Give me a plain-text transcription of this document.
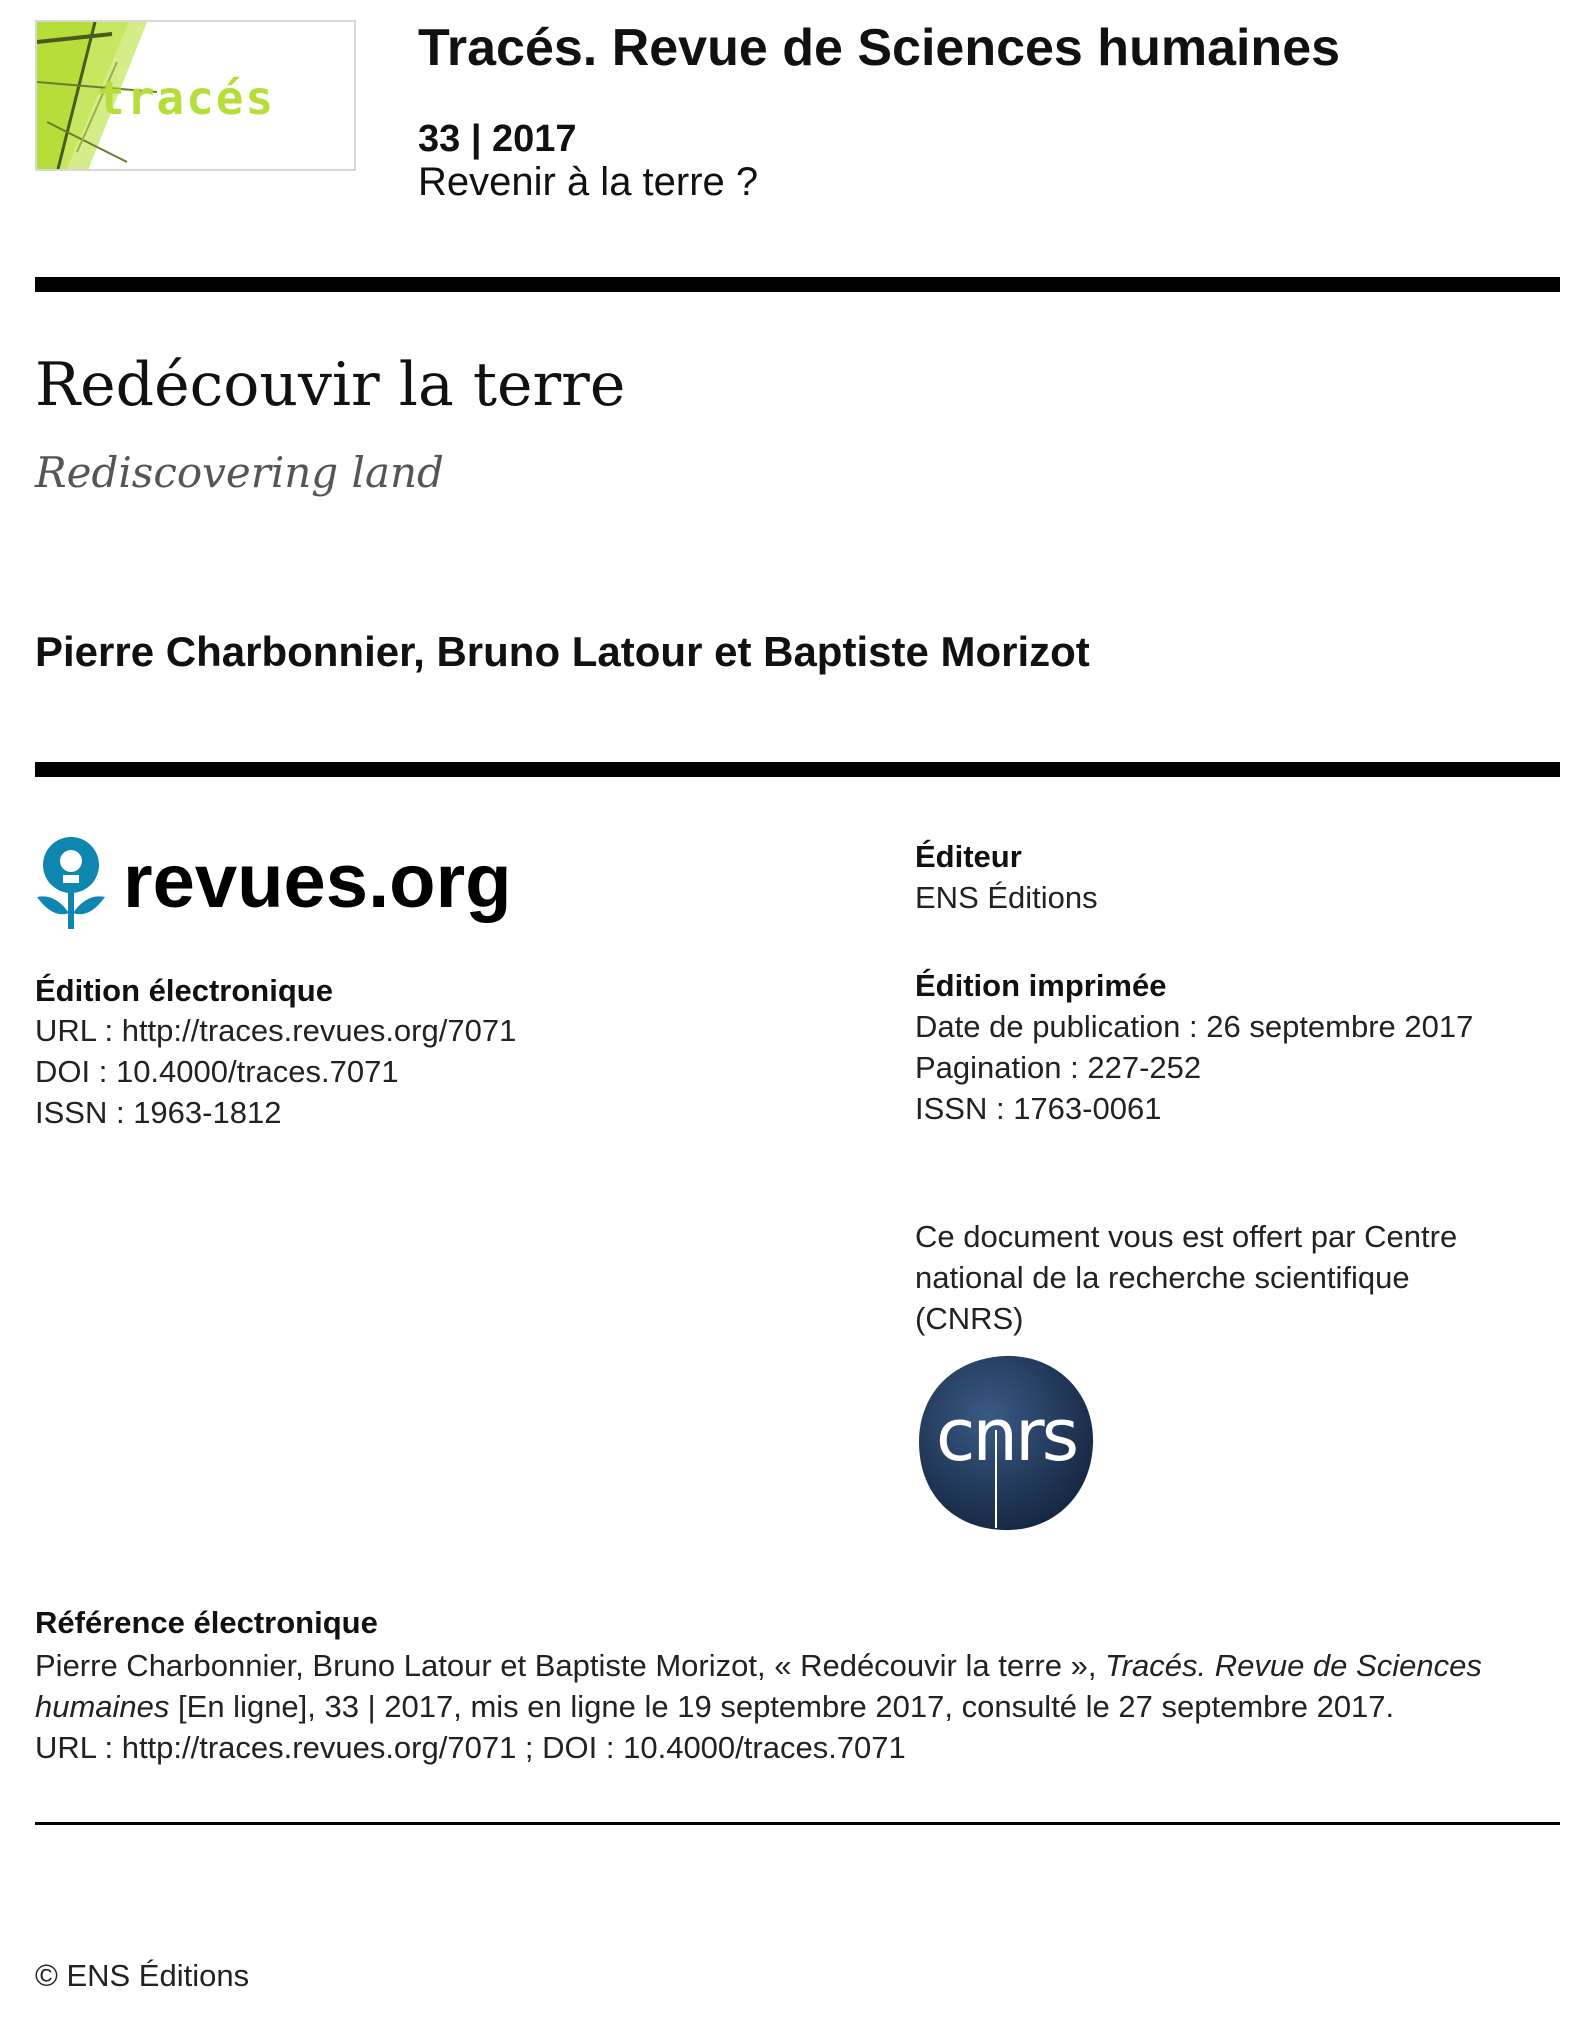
tracés
Tracés. Revue de Sciences humaines
33 | 2017
Revenir à la terre ?
Redécouvir la terre
Rediscovering land
Pierre Charbonnier, Bruno Latour et Baptiste Morizot
revues.org
Édition électronique
URL : http://traces.revues.org/7071
DOI : 10.4000/traces.7071
ISSN : 1963-1812
Éditeur
ENS Éditions
Édition imprimée
Date de publication : 26 septembre 2017
Pagination : 227-252
ISSN : 1763-0061
Ce document vous est offert par Centre
national de la recherche scientifique
(CNRS)
cnrs
Référence électronique
Pierre Charbonnier, Bruno Latour et Baptiste Morizot, « Redécouvir la terre », Tracés. Revue de Sciences
humaines [En ligne], 33 | 2017, mis en ligne le 19 septembre 2017, consulté le 27 septembre 2017.
URL : http://traces.revues.org/7071 ; DOI : 10.4000/traces.7071
© ENS Éditions
